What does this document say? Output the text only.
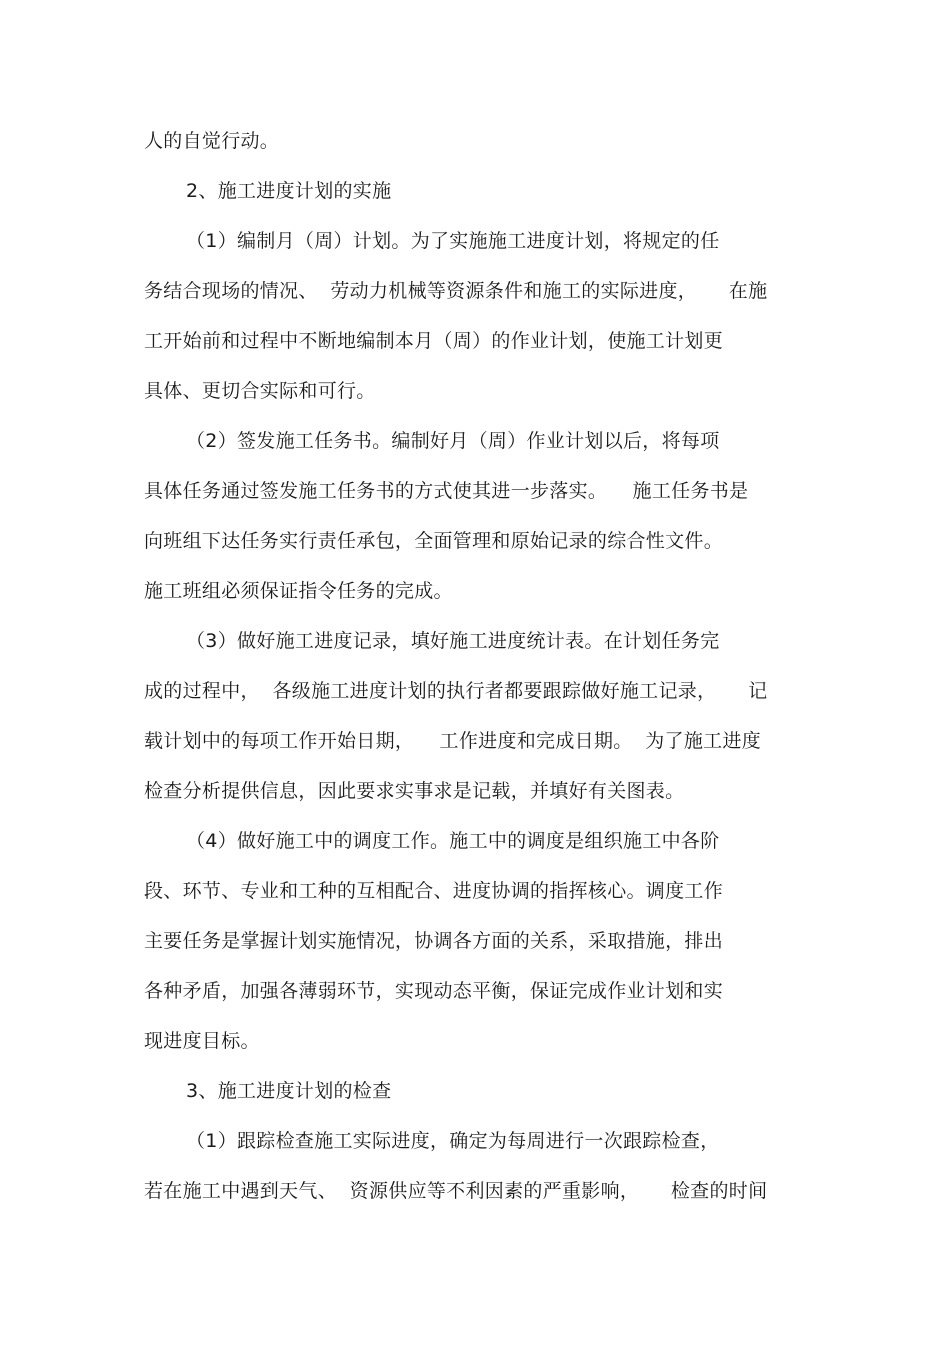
人的自觉行动。
2、施工进度计划的实施
（1）编制月（周）计划。为了实施施工进度计划，将规定的任
务结合现场的情况、  劳动力机械等资源条件和施工的实际进度，     在施
工开始前和过程中不断地编制本月（周）的作业计划，使施工计划更
具体、更切合实际和可行。
（2）签发施工任务书。编制好月（周）作业计划以后，将每项
具体任务通过签发施工任务书的方式使其进一步落实。    施工任务书是
向班组下达任务实行责任承包，全面管理和原始记录的综合性文件。
施工班组必须保证指令任务的完成。
（3）做好施工进度记录，填好施工进度统计表。在计划任务完
成的过程中，  各级施工进度计划的执行者都要跟踪做好施工记录，     记
载计划中的每项工作开始日期，    工作进度和完成日期。  为了施工进度
检查分析提供信息，因此要求实事求是记载，并填好有关图表。
（4）做好施工中的调度工作。施工中的调度是组织施工中各阶
段、环节、专业和工种的互相配合、进度协调的指挥核心。调度工作
主要任务是掌握计划实施情况，协调各方面的关系，采取措施，排出
各种矛盾，加强各薄弱环节，实现动态平衡，保证完成作业计划和实
现进度目标。
3、施工进度计划的检查
（1）跟踪检查施工实际进度，确定为每周进行一次跟踪检查，
若在施工中遇到天气、  资源供应等不利因素的严重影响，     检查的时间
